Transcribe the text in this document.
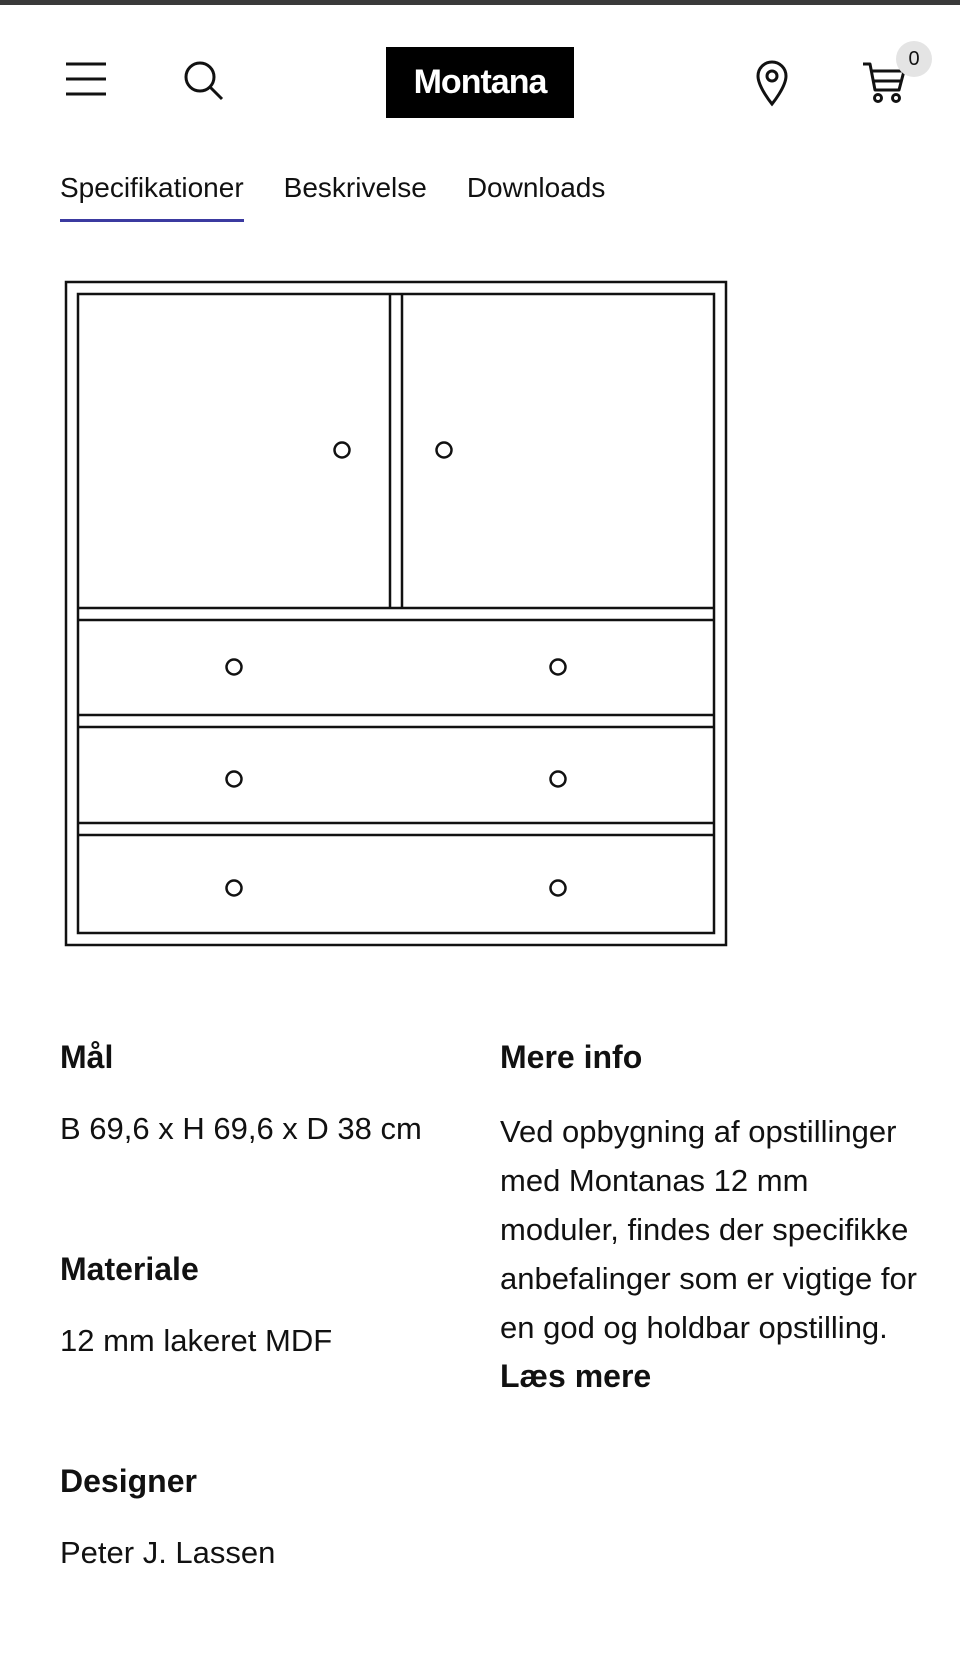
Montana
0
Specifikationer Beskrivelse Downloads

Mål

B 69,6 x H 69,6 x D 38 cm

Materiale

12 mm lakeret MDF

Designer

Peter J. Lassen

Mere info

Ved opbygning af opstillinger med Montanas 12 mm moduler, findes der specifikke anbefalinger som er vigtige for en god og holdbar opstilling.

Læs mere
